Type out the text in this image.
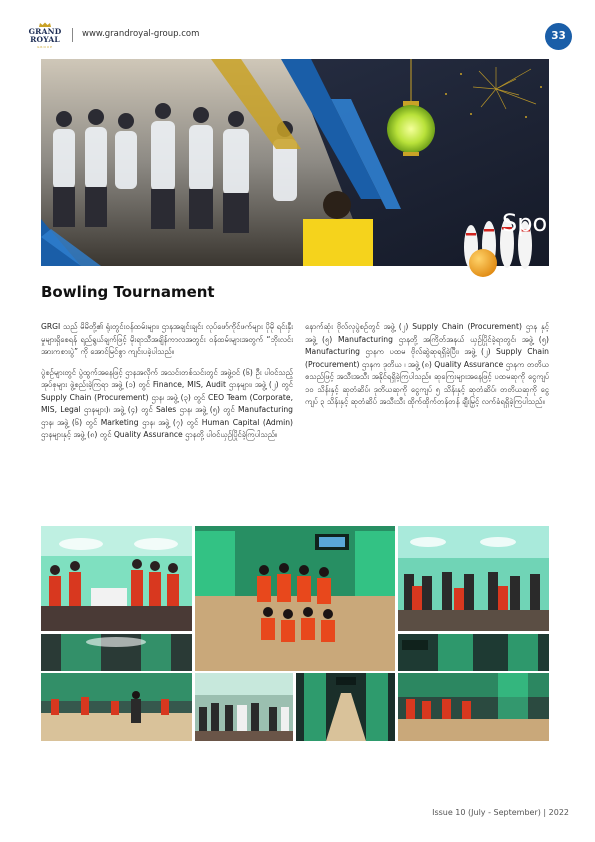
GRAND
ROYAL
GROUP
www.grandroyal-group.com	33
Sport
Bowling Tournament

GRGI သည် မိမိတို့၏ ရုံးတွင်းဝန်ထမ်းများ၊ ဌာနအချင်းချင်း လုပ်ဖော်ကိုင်ဖက်များ ပိုမို ရင်းနှီးမှုများရှိစေရန် ရည်ရွယ်ချက်ဖြင့် မိုးရာသီအချိန်ကာလအတွင်း ဝန်ထမ်းများအတွက် “ဘိုးလင်း အားကစားပွဲ” ကို အောင်မြင်စွာ ကျင်းပခဲ့ပါသည်။

ပွဲစဉ်များတွင် ပွဲထွက်အနေဖြင့် ဌာနအလိုက် အသင်းတစ်သင်းတွင် အဖွဲ့ဝင် (၆) ဦး ပါဝင်သည့် အုပ်စုများ ဖွဲ့စည်းခဲ့ကြရာ အဖွဲ့ (၁) တွင် Finance, MIS, Audit ဌာနများ၊ အဖွဲ့ (၂) တွင် Supply Chain (Procurement) ဌာန၊ အဖွဲ့ (၃) တွင် CEO Team (Corporate, MIS, Legal ဌာနများ)၊ အဖွဲ့ (၄) တွင် Sales ဌာန၊ အဖွဲ့ (၅) တွင် Manufacturing ဌာန၊ အဖွဲ့ (၆) တွင် Marketing ဌာန၊ အဖွဲ့ (၇) တွင် Human Capital (Admin) ဌာနများနှင့် အဖွဲ့ (၈) တွင် Quality Assurance ဌာနတို့ ပါဝင်ယှဉ်ပြိုင်ခဲ့ကြပါသည်။

နောက်ဆုံး ဗိုလ်လုပွဲစဉ်တွင် အဖွဲ့ (၂) Supply Chain (Procurement) ဌာန နှင့် အဖွဲ့ (၅) Manufacturing ဌာနတို့ အကြိတ်အနယ် ယှဉ်ပြိုင်ခဲ့ရာတွင်၊ အဖွဲ့ (၅) Manufacturing ဌာနက ပထမ ဗိုလ်ဆွဲဆုရရှိခဲ့ပြီး၊ အဖွဲ့ (၂) Supply Chain (Procurement) ဌာနက ဒုတိယ ၊ အဖွဲ့ (၈) Quality Assurance ဌာနက တတိယ စသည်ဖြင့် အသီးအသီး အနိုင်ရရှိခဲ့ကြပါသည်။ ဆုကြေးများအနေဖြင့် ပထမဆုကို ငွေကျပ် ၁၀ သိန်းနှင့် ဆုတံဆိပ်၊ ဒုတိယဆုကို ငွေကျပ် ၅ သိန်းနှင့် ဆုတံဆိပ်၊ တတိယဆုကို ငွေကျပ် ၃ သိန်းနှင့် ဆုတံဆိပ် အသီးသီး ထိုက်ထိုက်တန်တန် ချီးမြှင့် လက်ခံရရှိခဲ့ကြပါသည်။

Issue 10 (July - September) | 2022
